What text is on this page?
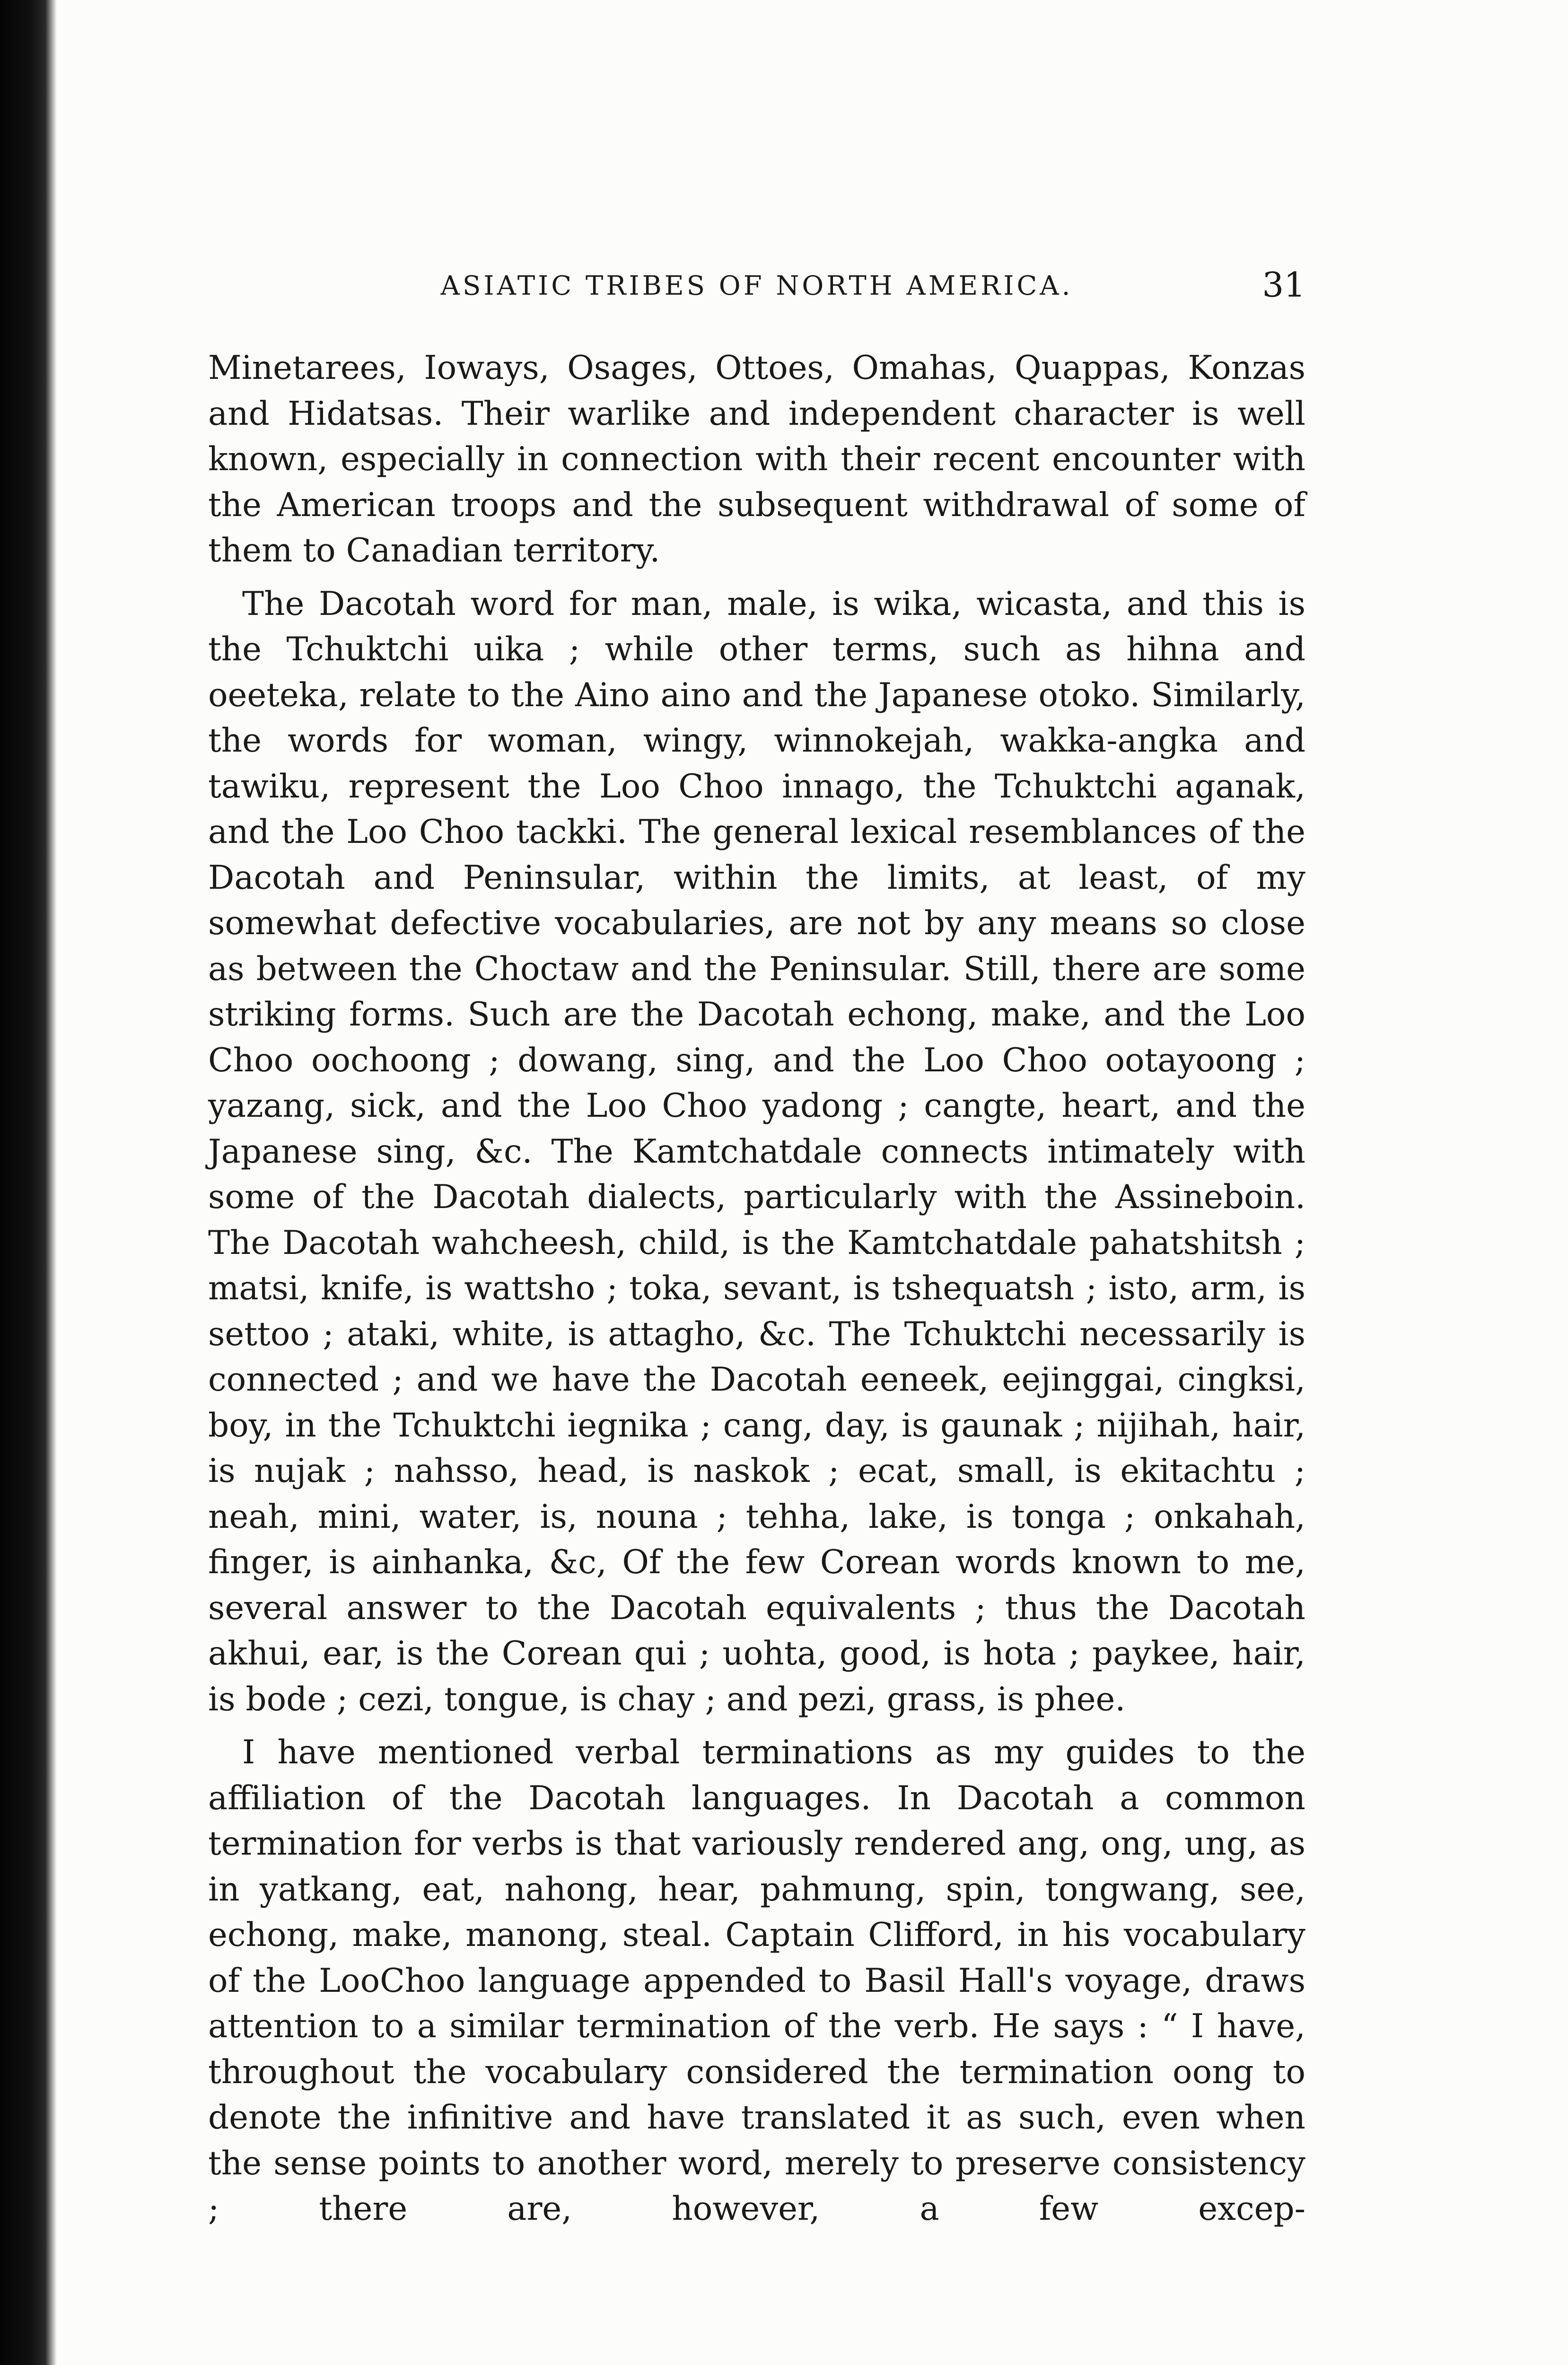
ASIATIC TRIBES OF NORTH AMERICA.	31

Minetarees, Ioways, Osages, Ottoes, Omahas, Quappas, Konzas and Hidatsas. Their warlike and independent character is well known, especially in connection with their recent encounter with the American troops and the subsequent withdrawal of some of them to Canadian territory.

The Dacotah word for man, male, is wika, wicasta, and this is the Tchuktchi uika ; while other terms, such as hihna and oeeteka, relate to the Aino aino and the Japanese otoko. Similarly, the words for woman, wingy, winnokejah, wakka-angka and tawiku, represent the Loo Choo innago, the Tchuktchi aganak, and the Loo Choo tackki. The general lexical resemblances of the Dacotah and Peninsular, within the limits, at least, of my somewhat defective vocabularies, are not by any means so close as between the Choctaw and the Peninsular. Still, there are some striking forms. Such are the Dacotah echong, make, and the Loo Choo oochoong ; dowang, sing, and the Loo Choo ootayoong ; yazang, sick, and the Loo Choo yadong ; cangte, heart, and the Japanese sing, &c. The Kamtchatdale connects intimately with some of the Dacotah dialects, particularly with the Assineboin. The Dacotah wahcheesh, child, is the Kamtchatdale pahatshitsh ; matsi, knife, is wattsho ; toka, sevant, is tshequatsh ; isto, arm, is settoo ; ataki, white, is attagho, &c. The Tchuktchi necessarily is connected ; and we have the Dacotah eeneek, eejinggai, cingksi, boy, in the Tchuktchi iegnika ; cang, day, is gaunak ; nijihah, hair, is nujak ; nahsso, head, is naskok ; ecat, small, is ekitachtu ; neah, mini, water, is, nouna ; tehha, lake, is tonga ; onkahah, finger, is ainhanka, &c, Of the few Corean words known to me, several answer to the Dacotah equivalents ; thus the Dacotah akhui, ear, is the Corean qui ; uohta, good, is hota ; paykee, hair, is bode ; cezi, tongue, is chay ; and pezi, grass, is phee.

I have mentioned verbal terminations as my guides to the affiliation of the Dacotah languages. In Dacotah a common termination for verbs is that variously rendered ang, ong, ung, as in yatkang, eat, nahong, hear, pahmung, spin, tongwang, see, echong, make, manong, steal. Captain Clifford, in his vocabulary of the LooChoo language appended to Basil Hall's voyage, draws attention to a similar termination of the verb. He says : “ I have, throughout the vocabulary considered the termination oong to denote the infinitive and have translated it as such, even when the sense points to another word, merely to preserve consistency ; there are, however, a few excep-
